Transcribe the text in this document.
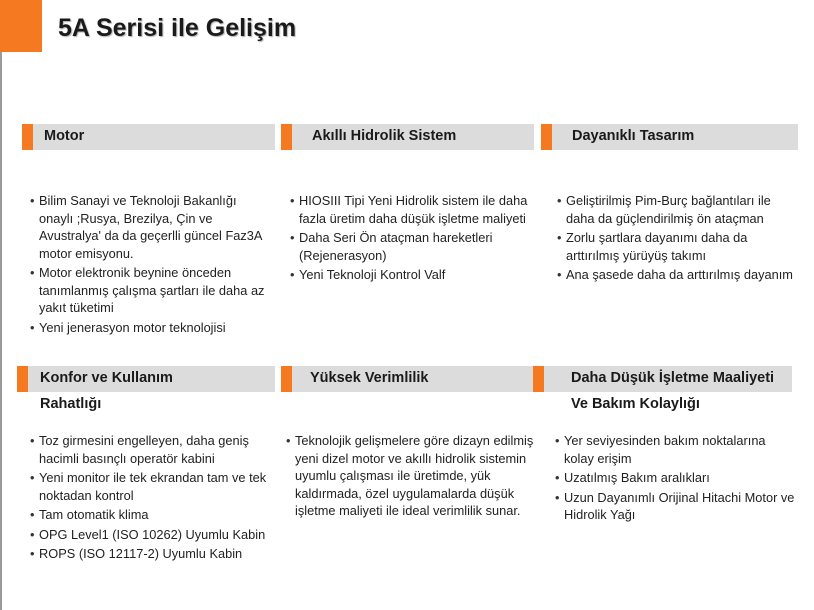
5A Serisi ile Gelişim
Motor
• Bilim Sanayi ve Teknoloji Bakanlığı onaylı ;Rusya, Brezilya, Çin ve Avustralya' da da geçerlli güncel Faz3A motor emisyonu.
• Motor elektronik beynine önceden tanımlanmış çalışma şartları ile daha az yakıt tüketimi
• Yeni jenerasyon motor teknolojisi
Akıllı Hidrolik Sistem
• HIOSIII Tipi Yeni Hidrolik sistem ile daha fazla üretim daha düşük işletme maliyeti
• Daha Seri Ön ataçman hareketleri (Rejenerasyon)
• Yeni Teknoloji Kontrol Valf
Dayanıklı Tasarım
• Geliştirilmiş Pim-Burç bağlantıları ile daha da güçlendirilmiş ön ataçman
• Zorlu şartlara dayanımı daha da arttırılmış yürüyüş takımı
• Ana şasede daha da arttırılmış dayanım
Konfor ve Kullanım
Rahatlığı
• Toz girmesini engelleyen, daha geniş hacimli basınçlı operatör kabini
• Yeni monitor ile tek ekrandan tam ve tek noktadan kontrol
• Tam otomatik klima
• OPG Level1 (ISO 10262) Uyumlu Kabin
• ROPS (ISO 12117-2) Uyumlu Kabin
Yüksek Verimlilik
• Teknolojik gelişmelere göre dizayn edilmiş yeni dizel motor ve akıllı hidrolik sistemin uyumlu çalışması ile üretimde, yük kaldırmada, özel uygulamalarda düşük işletme maliyeti ile ideal verimlilik sunar.
Daha Düşük İşletme Maaliyeti
Ve Bakım Kolaylığı
• Yer seviyesinden bakım noktalarına kolay erişim
• Uzatılmış Bakım aralıkları
• Uzun Dayanımlı Orijinal Hitachi Motor ve Hidrolik Yağı
